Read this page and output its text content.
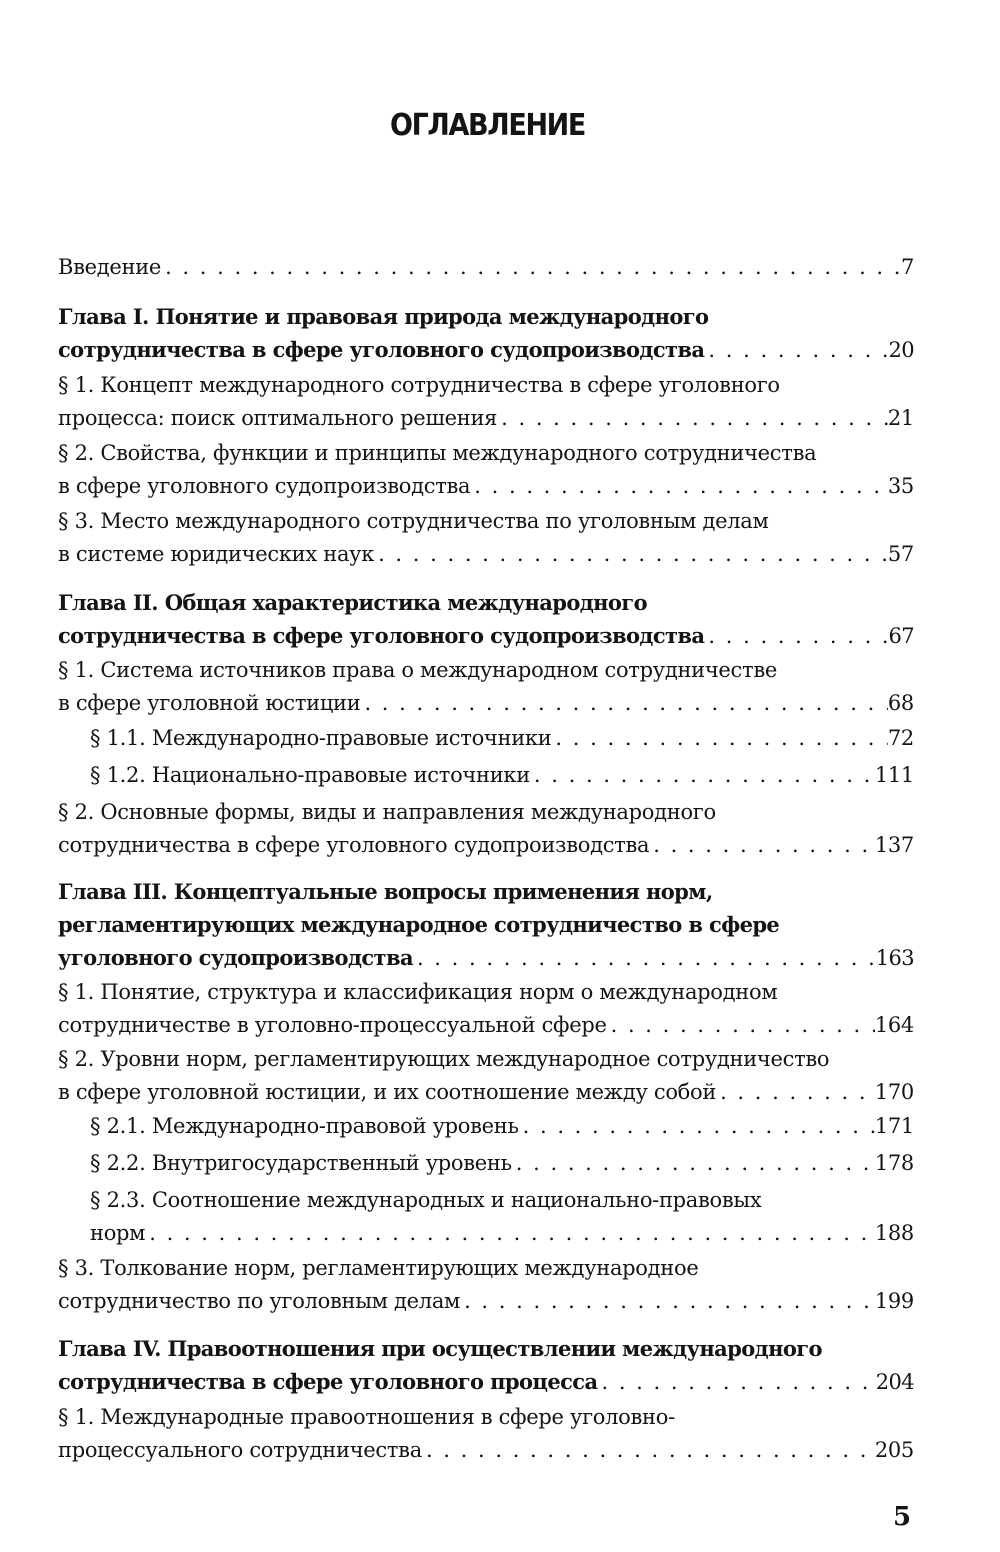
ОГЛАВЛЕНИЕ
Введение . . .	7
Глава I. Понятие и правовая природа международного
сотрудничества в сфере уголовного судопроизводства . . .	20
§ 1. Концепт международного сотрудничества в сфере уголовного
процесса: поиск оптимального решения . . .	21
§ 2. Свойства, функции и принципы международного сотрудничества
в сфере уголовного судопроизводства . . .	35
§ 3. Место международного сотрудничества по уголовным делам
в системе юридических наук . . .	57
Глава II. Общая характеристика международного
сотрудничества в сфере уголовного судопроизводства . . .	67
§ 1. Система источников права о международном сотрудничестве
в сфере уголовной юстиции . . .	68
§ 1.1. Международно-правовые источники . . .	72
§ 1.2. Национально-правовые источники . . .	111
§ 2. Основные формы, виды и направления международного
сотрудничества в сфере уголовного судопроизводства . . .	137
Глава III. Концептуальные вопросы применения норм,
регламентирующих международное сотрудничество в сфере
уголовного судопроизводства . . .	163
§ 1. Понятие, структура и классификация норм о международном
сотрудничестве в уголовно-процессуальной сфере . . .	164
§ 2. Уровни норм, регламентирующих международное сотрудничество
в сфере уголовной юстиции, и их соотношение между собой . . .	170
§ 2.1. Международно-правовой уровень . . .	171
§ 2.2. Внутригосударственный уровень . . .	178
§ 2.3. Соотношение международных и национально-правовых
норм . . .	188
§ 3. Толкование норм, регламентирующих международное
сотрудничество по уголовным делам . . .	199
Глава IV. Правоотношения при осуществлении международного
сотрудничества в сфере уголовного процесса . . .	204
§ 1. Международные правоотношения в сфере уголовно-
процессуального сотрудничества . . .	205
5
